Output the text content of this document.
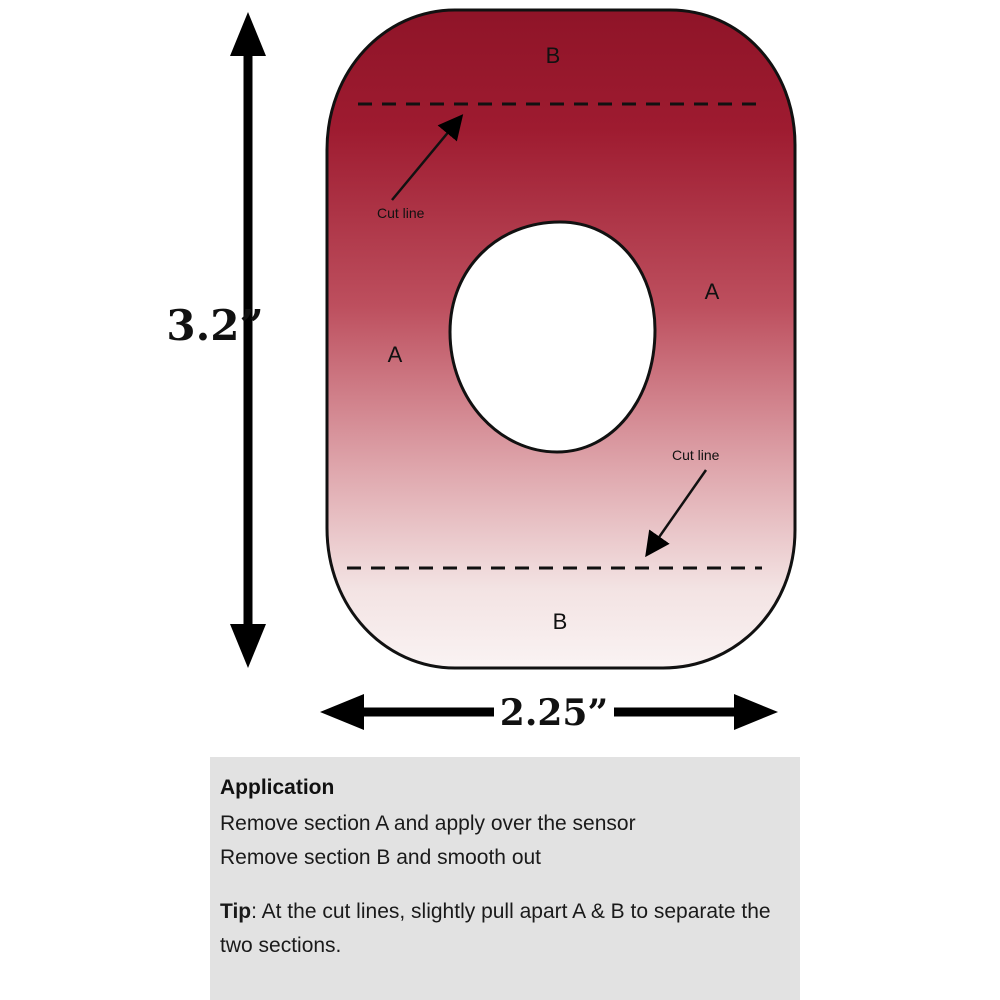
Cut line
Cut line
B
A
A
B
3.2”
2.25”
Application
Remove section A and apply over the sensor
Remove section B and smooth out
Tip: At the cut lines, slightly pull apart A & B to separate the two sections.
